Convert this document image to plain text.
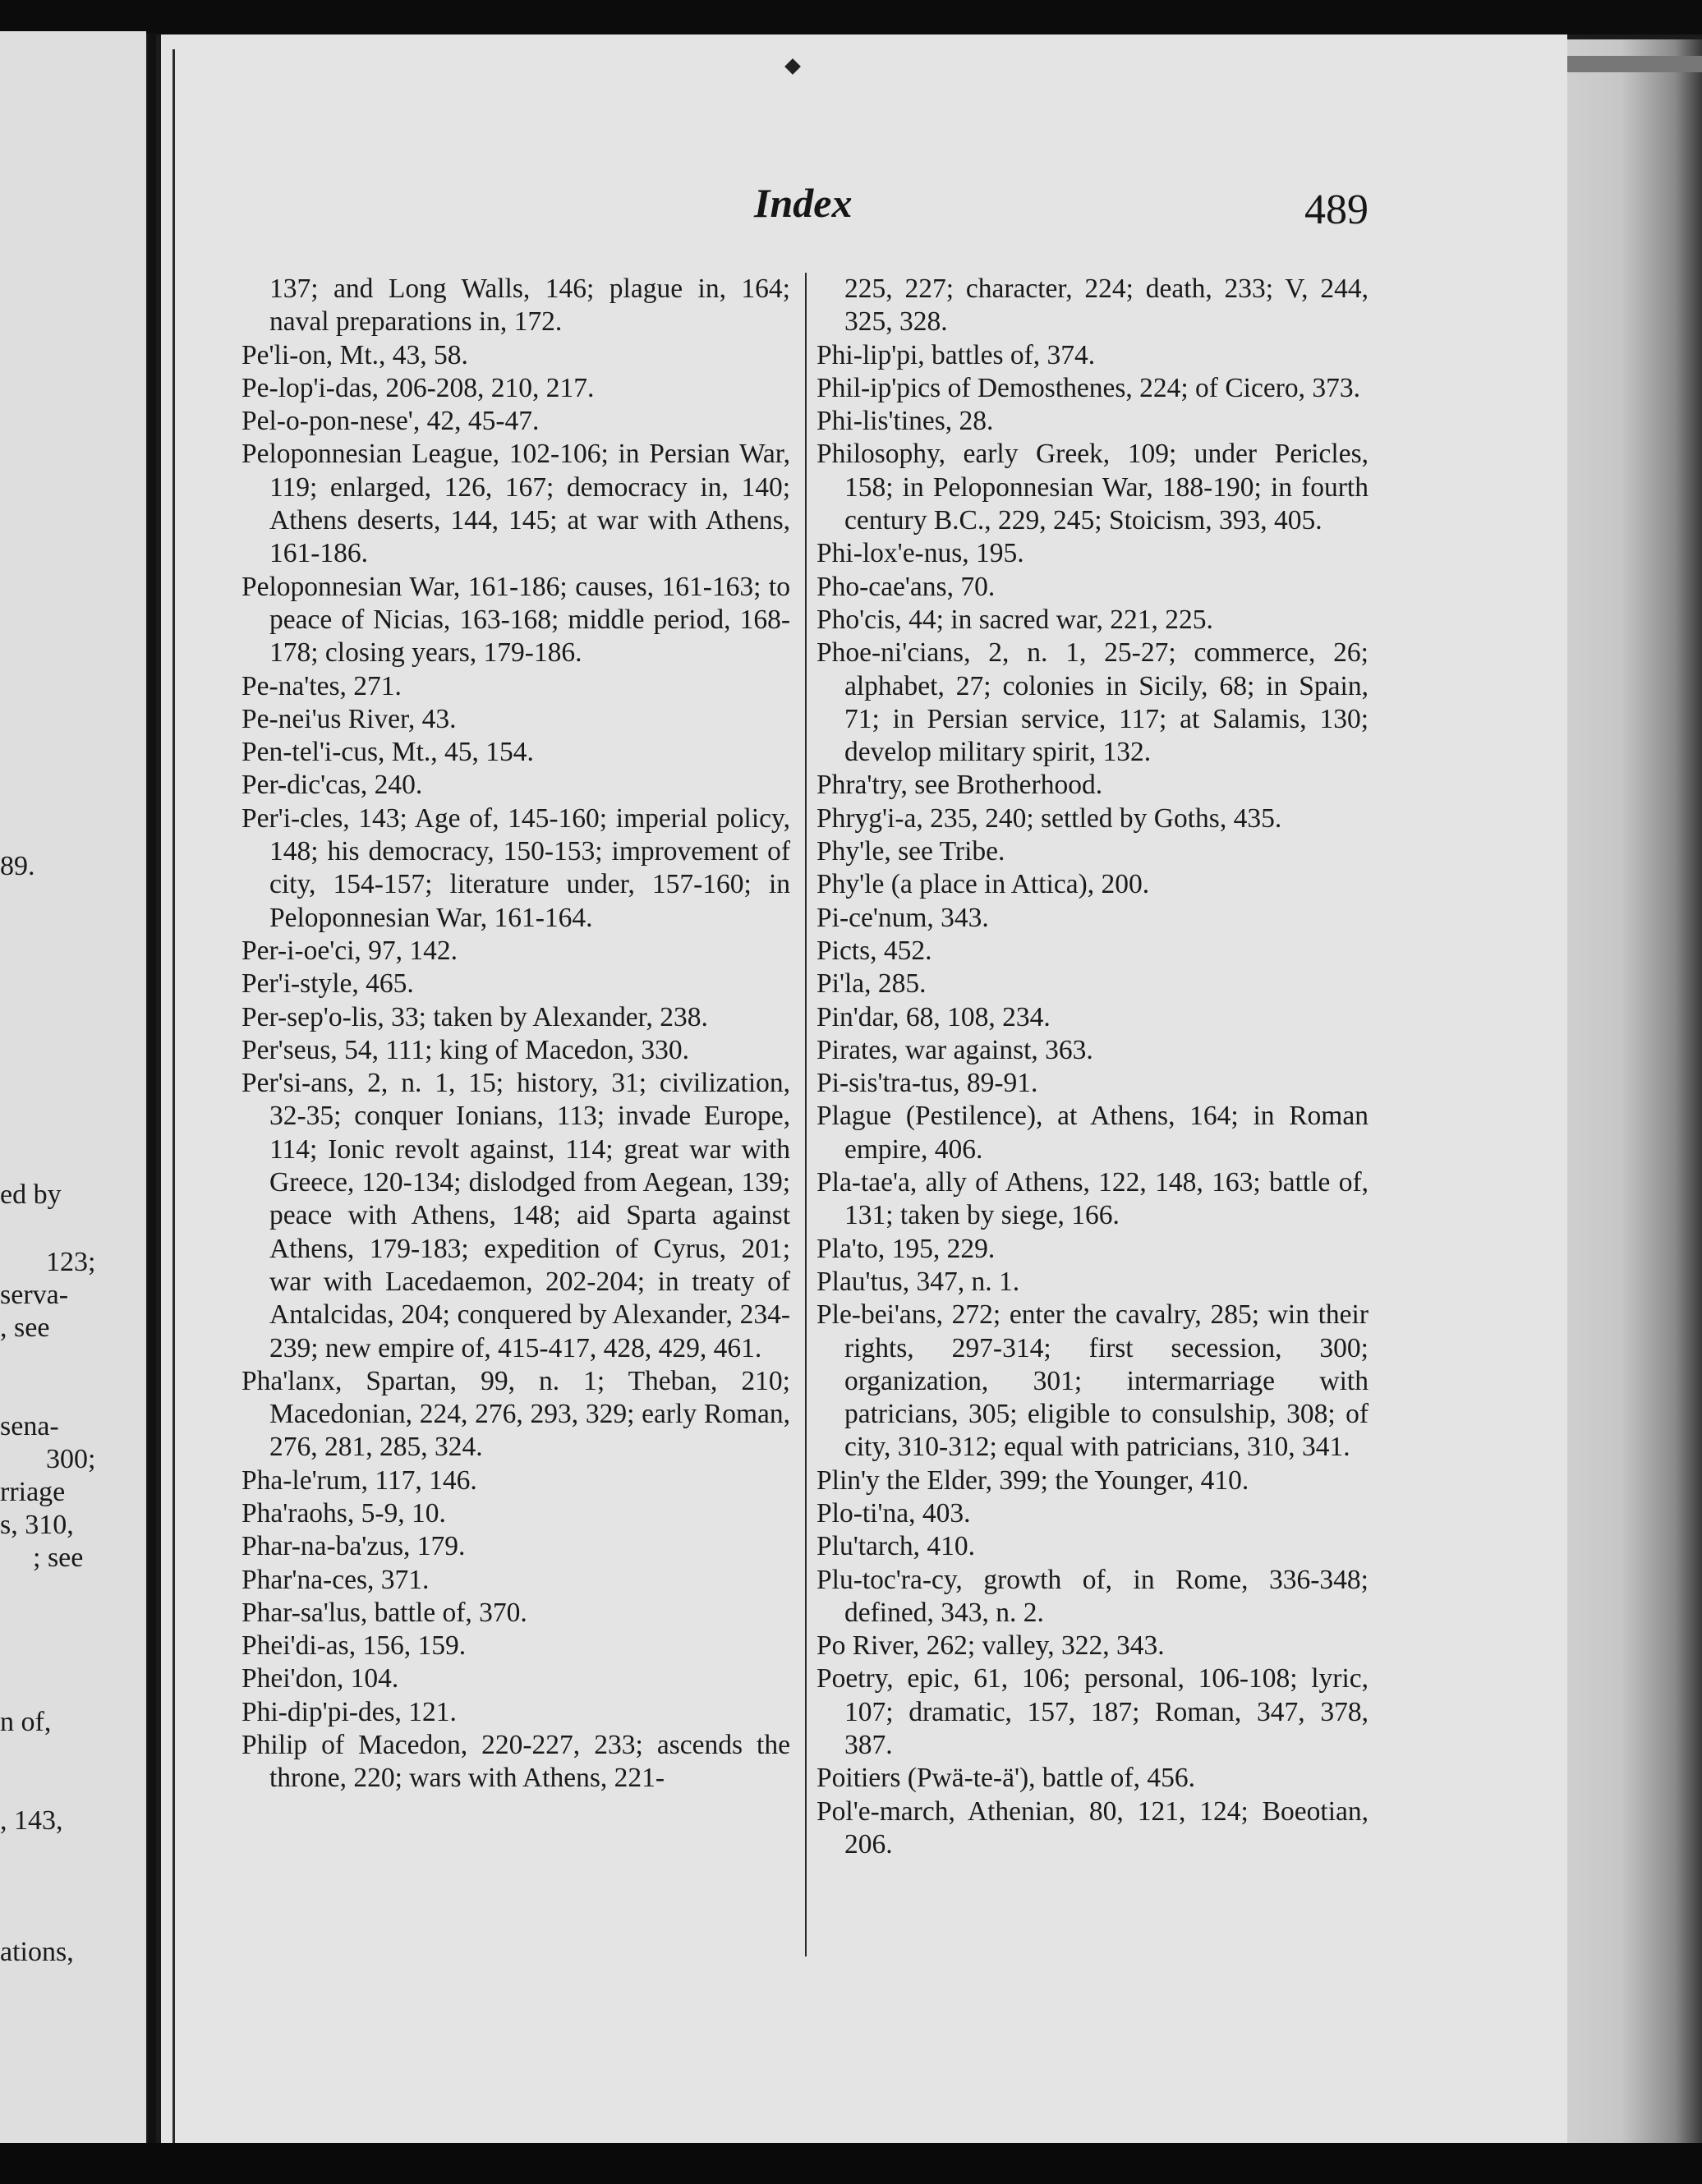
89.
ed by
123;
serva-
, see
sena-
300;
rriage
s, 310,
; see
n of,
, 143,
ations,
Index	489
137; and Long Walls, 146; plague in, 164; naval preparations in, 172.
Pe'li-on, Mt., 43, 58.
Pe-lop'i-das, 206-208, 210, 217.
Pel-o-pon-nese', 42, 45-47.
Peloponnesian League, 102-106; in Persian War, 119; enlarged, 126, 167; democracy in, 140; Athens deserts, 144, 145; at war with Athens, 161-186.
Peloponnesian War, 161-186; causes, 161-163; to peace of Nicias, 163-168; middle period, 168-178; closing years, 179-186.
Pe-na'tes, 271.
Pe-nei'us River, 43.
Pen-tel'i-cus, Mt., 45, 154.
Per-dic'cas, 240.
Per'i-cles, 143; Age of, 145-160; imperial policy, 148; his democracy, 150-153; improvement of city, 154-157; literature under, 157-160; in Peloponnesian War, 161-164.
Per-i-oe'ci, 97, 142.
Per'i-style, 465.
Per-sep'o-lis, 33; taken by Alexander, 238.
Per'seus, 54, 111; king of Macedon, 330.
Per'si-ans, 2, n. 1, 15; history, 31; civilization, 32-35; conquer Ionians, 113; invade Europe, 114; Ionic revolt against, 114; great war with Greece, 120-134; dislodged from Aegean, 139; peace with Athens, 148; aid Sparta against Athens, 179-183; expedition of Cyrus, 201; war with Lacedaemon, 202-204; in treaty of Antalcidas, 204; conquered by Alexander, 234-239; new empire of, 415-417, 428, 429, 461.
Pha'lanx, Spartan, 99, n. 1; Theban, 210; Macedonian, 224, 276, 293, 329; early Roman, 276, 281, 285, 324.
Pha-le'rum, 117, 146.
Pha'raohs, 5-9, 10.
Phar-na-ba'zus, 179.
Phar'na-ces, 371.
Phar-sa'lus, battle of, 370.
Phei'di-as, 156, 159.
Phei'don, 104.
Phi-dip'pi-des, 121.
Philip of Macedon, 220-227, 233; ascends the throne, 220; wars with Athens, 221-
225, 227; character, 224; death, 233; V, 244, 325, 328.
Phi-lip'pi, battles of, 374.
Phil-ip'pics of Demosthenes, 224; of Cicero, 373.
Phi-lis'tines, 28.
Philosophy, early Greek, 109; under Pericles, 158; in Peloponnesian War, 188-190; in fourth century B.C., 229, 245; Stoicism, 393, 405.
Phi-lox'e-nus, 195.
Pho-cae'ans, 70.
Pho'cis, 44; in sacred war, 221, 225.
Phoe-ni'cians, 2, n. 1, 25-27; commerce, 26; alphabet, 27; colonies in Sicily, 68; in Spain, 71; in Persian service, 117; at Salamis, 130; develop military spirit, 132.
Phra'try, see Brotherhood.
Phryg'i-a, 235, 240; settled by Goths, 435.
Phy'le, see Tribe.
Phy'le (a place in Attica), 200.
Pi-ce'num, 343.
Picts, 452.
Pi'la, 285.
Pin'dar, 68, 108, 234.
Pirates, war against, 363.
Pi-sis'tra-tus, 89-91.
Plague (Pestilence), at Athens, 164; in Roman empire, 406.
Pla-tae'a, ally of Athens, 122, 148, 163; battle of, 131; taken by siege, 166.
Pla'to, 195, 229.
Plau'tus, 347, n. 1.
Ple-bei'ans, 272; enter the cavalry, 285; win their rights, 297-314; first secession, 300; organization, 301; intermarriage with patricians, 305; eligible to consulship, 308; of city, 310-312; equal with patricians, 310, 341.
Plin'y the Elder, 399; the Younger, 410.
Plo-ti'na, 403.
Plu'tarch, 410.
Plu-toc'ra-cy, growth of, in Rome, 336-348; defined, 343, n. 2.
Po River, 262; valley, 322, 343.
Poetry, epic, 61, 106; personal, 106-108; lyric, 107; dramatic, 157, 187; Roman, 347, 378, 387.
Poitiers (Pwä-te-ä'), battle of, 456.
Pol'e-march, Athenian, 80, 121, 124; Boeotian, 206.
